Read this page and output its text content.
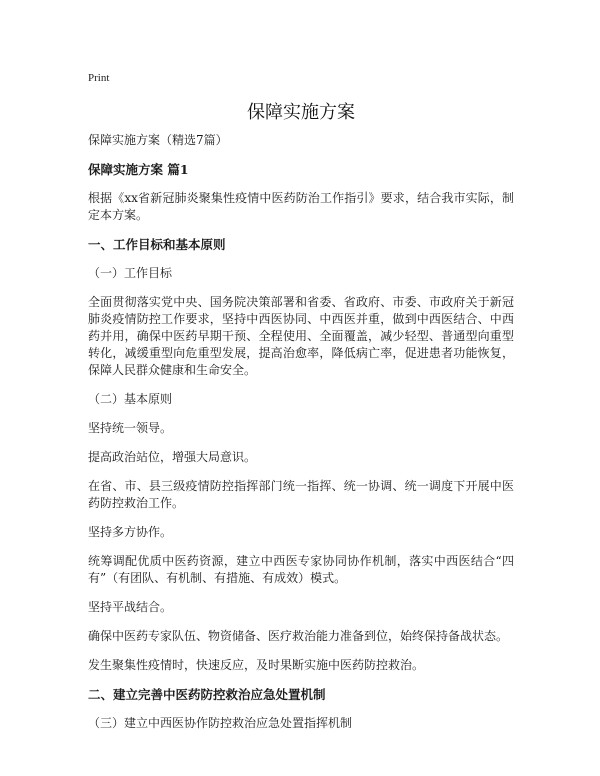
Print
保障实施方案

保障实施方案（精选7篇）

保障实施方案 篇1

根据《xx省新冠肺炎聚集性疫情中医药防治工作指引》要求，结合我市实际，制定本方案。

一、工作目标和基本原则

（一）工作目标

全面贯彻落实党中央、国务院决策部署和省委、省政府、市委、市政府关于新冠肺炎疫情防控工作要求，坚持中西医协同、中西医并重，做到中西医结合、中西药并用，确保中医药早期干预、全程使用、全面覆盖，减少轻型、普通型向重型转化，减缓重型向危重型发展，提高治愈率，降低病亡率，促进患者功能恢复，保障人民群众健康和生命安全。

（二）基本原则

坚持统一领导。

提高政治站位，增强大局意识。

在省、市、县三级疫情防控指挥部门统一指挥、统一协调、统一调度下开展中医药防控救治工作。

坚持多方协作。

统筹调配优质中医药资源，建立中西医专家协同协作机制，落实中西医结合“四有”（有团队、有机制、有措施、有成效）模式。

坚持平战结合。

确保中医药专家队伍、物资储备、医疗救治能力准备到位，始终保持备战状态。

发生聚集性疫情时，快速反应，及时果断实施中医药防控救治。

二、建立完善中医药防控救治应急处置机制

（三）建立中西医协作防控救治应急处置指挥机制
